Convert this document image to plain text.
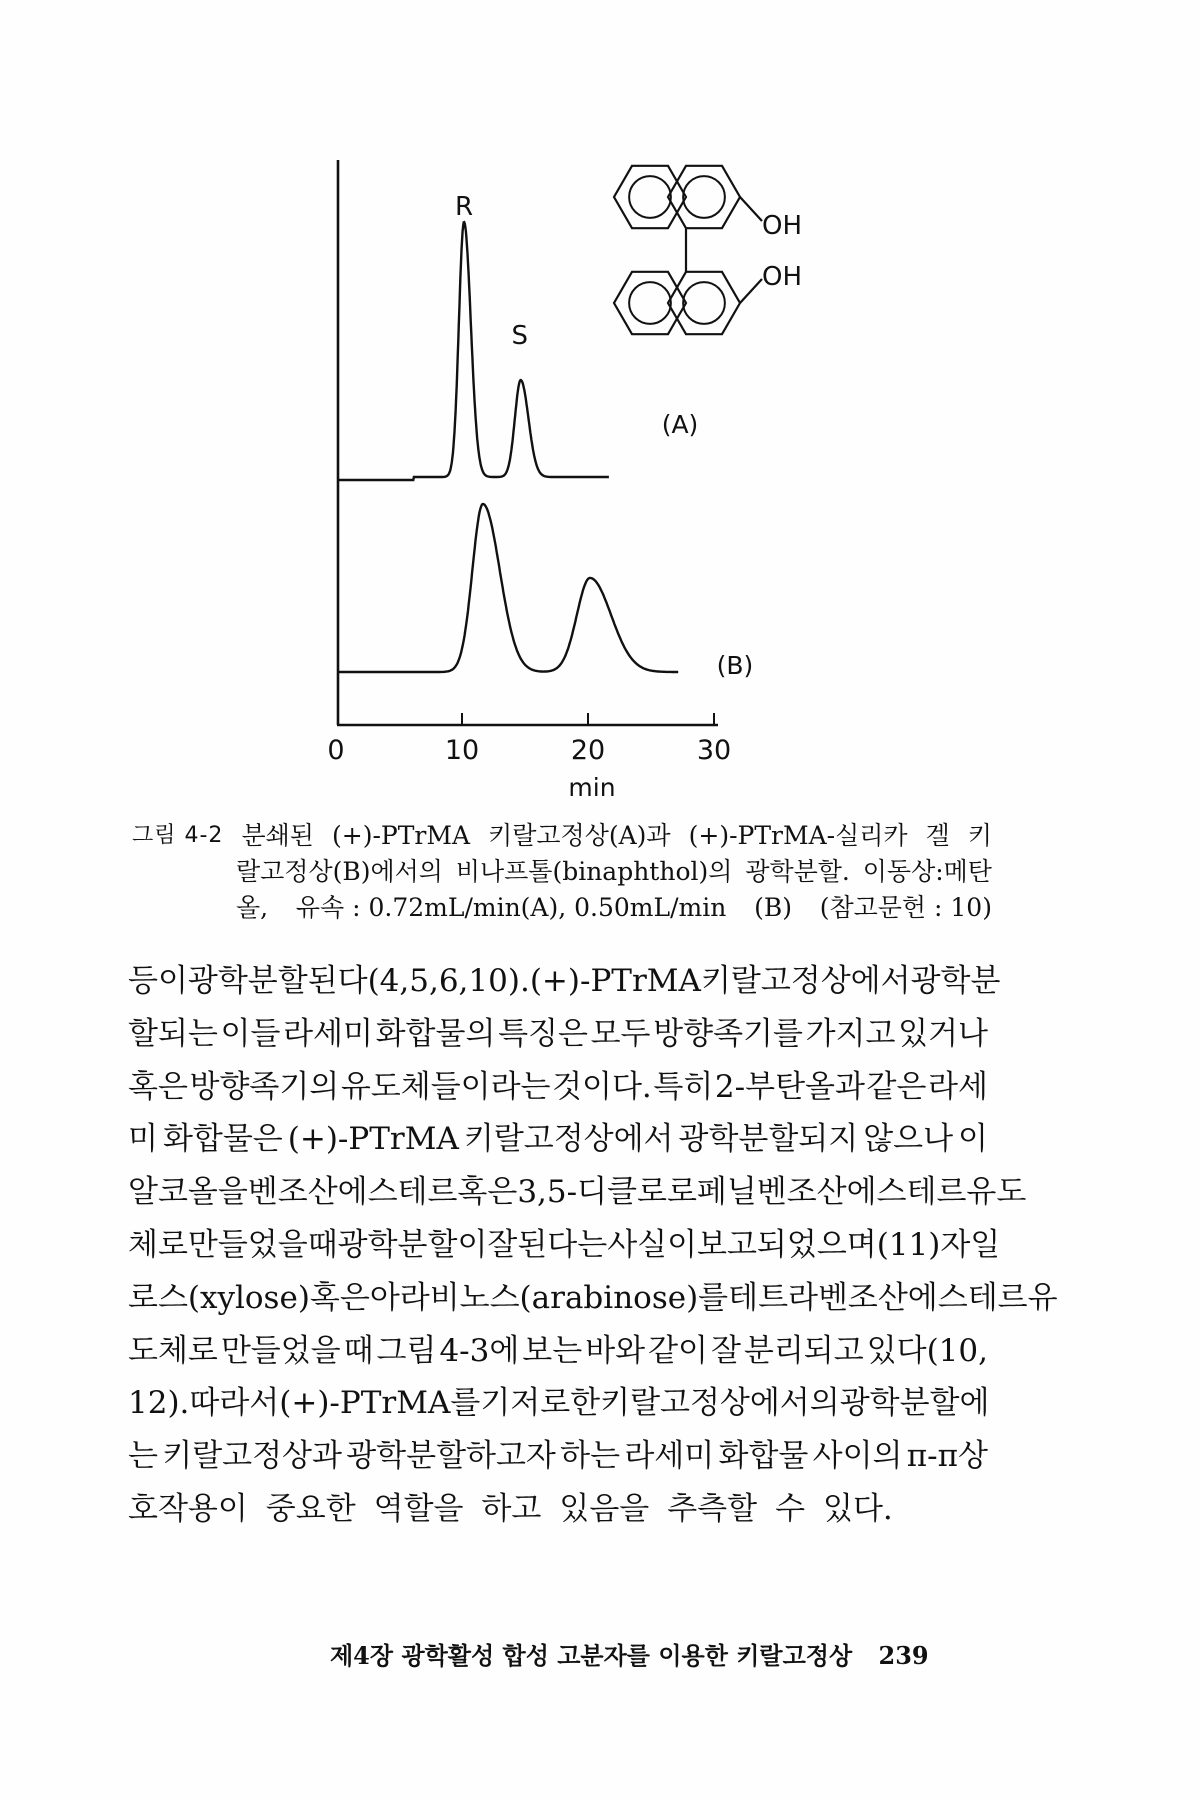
0	10	20	30
min
(A)
(B)
R
S
OH
OH
그림 4-2 분쇄된 (+)-PTrMA 키랄고정상(A)과 (+)-PTrMA-실리카 겔 키
랄고정상(B)에서의 비나프톨(binaphthol)의 광학분할. 이동상:메탄
올, 유속 : 0.72mL/min(A), 0.50mL/min (B) (참고문헌 : 10)
등이 광학분할된다(4,5,6,10). (+)-PTrMA 키랄고정상에서 광학분
할되는 이들 라세미 화합물의 특징은 모두 방향족기를 가지고 있거나
혹은 방향족기의 유도체들이라는 것이다. 특히 2-부탄올과 같은 라세
미 화합물은 (+)-PTrMA 키랄고정상에서 광학분할되지 않으나 이
알코올을 벤조산에스테르 혹은 3,5-디클로로페닐벤조산에스테르 유도
체로 만들었을 때 광학분할이 잘된다는 사실이 보고되었으며(11) 자일
로스(xylose) 혹은 아라비노스(arabinose)를 테트라벤조산에스테르 유
도체로 만들었을 때 그림 4-3에 보는 바와 같이 잘 분리되고 있다(10,
12). 따라서 (+)-PTrMA를 기저로 한 키랄고정상에서의 광학분할에
는 키랄고정상과 광학분할하고자 하는 라세미 화합물 사이의 π-π상
호작용이 중요한 역할을 하고 있음을 추측할 수 있다.
제4장 광학활성 합성 고분자를 이용한 키랄고정상 239
